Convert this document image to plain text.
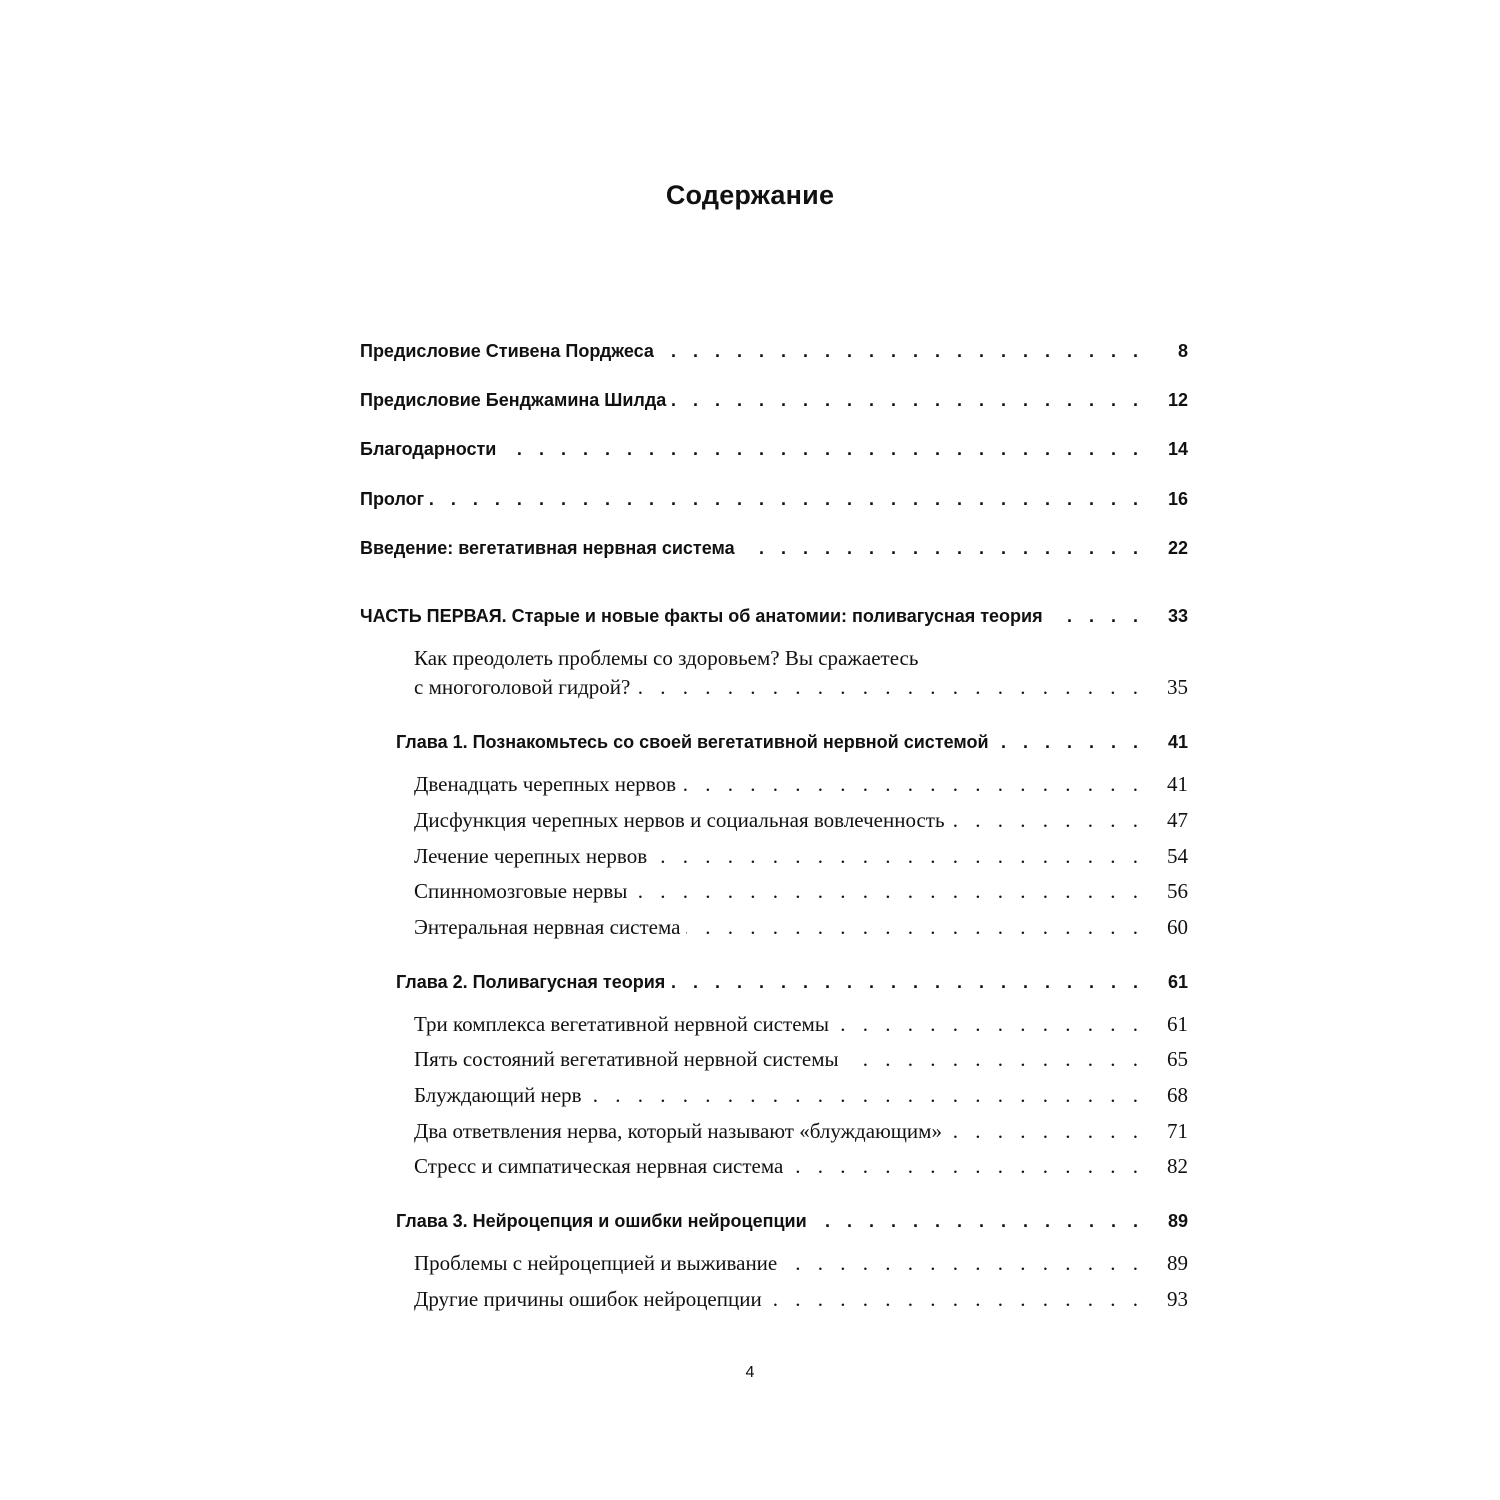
Содержание
Предисловие Стивена Порджеса . . .	8
Предисловие Бенджамина Шилда . . .	12
Благодарности . . .	14
Пролог . . .	16
Введение: вегетативная нервная система . . .	22
ЧАСТЬ ПЕРВАЯ. Старые и новые факты об анатомии: поливагусная теория . . .	33
Как преодолеть проблемы со здоровьем? Вы сражаетесь
с многоголовой гидрой? . . .	35
Глава 1. Познакомьтесь со своей вегетативной нервной системой . . .	41
Двенадцать черепных нервов . . .	41
Дисфункция черепных нервов и социальная вовлеченность . . .	47
Лечение черепных нервов . . .	54
Спинномозговые нервы . . .	56
Энтеральная нервная система . . .	60
Глава 2. Поливагусная теория . . .	61
Три комплекса вегетативной нервной системы . . .	61
Пять состояний вегетативной нервной системы . . .	65
Блуждающий нерв . . .	68
Два ответвления нерва, который называют «блуждающим» . . .	71
Стресс и симпатическая нервная система . . .	82
Глава 3. Нейроцепция и ошибки нейроцепции . . .	89
Проблемы с нейроцепцией и выживание . . .	89
Другие причины ошибок нейроцепции . . .	93
4
